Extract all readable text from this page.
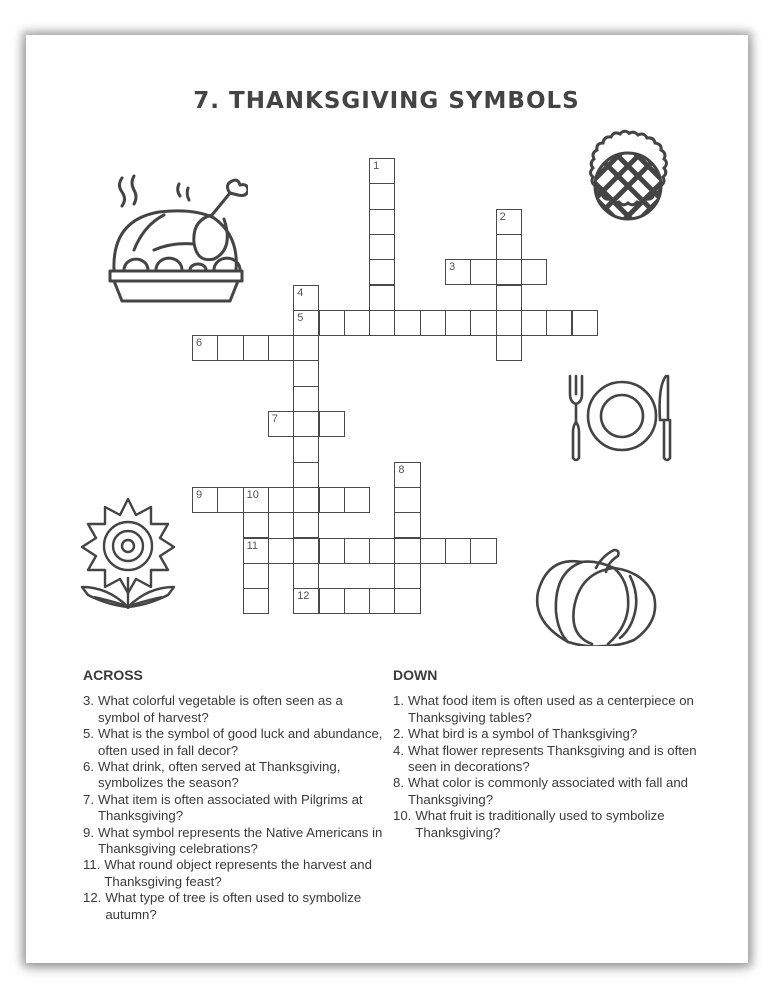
7. THANKSGIVING SYMBOLS
1
2
3
4
5
12
6
7
8
9	10
11
ACROSS
3. What colorful vegetable is often seen as a symbol of harvest?
5. What is the symbol of good luck and abundance, often used in fall decor?
6. What drink, often served at Thanksgiving, symbolizes the season?
7. What item is often associated with Pilgrims at Thanksgiving?
9. What symbol represents the Native Americans in Thanksgiving celebrations?
11. What round object represents the harvest and Thanksgiving feast?
12. What type of tree is often used to symbolize autumn?
DOWN
1. What food item is often used as a centerpiece on Thanksgiving tables?
2. What bird is a symbol of Thanksgiving?
4. What flower represents Thanksgiving and is often seen in decorations?
8. What color is commonly associated with fall and Thanksgiving?
10. What fruit is traditionally used to symbolize Thanksgiving?
